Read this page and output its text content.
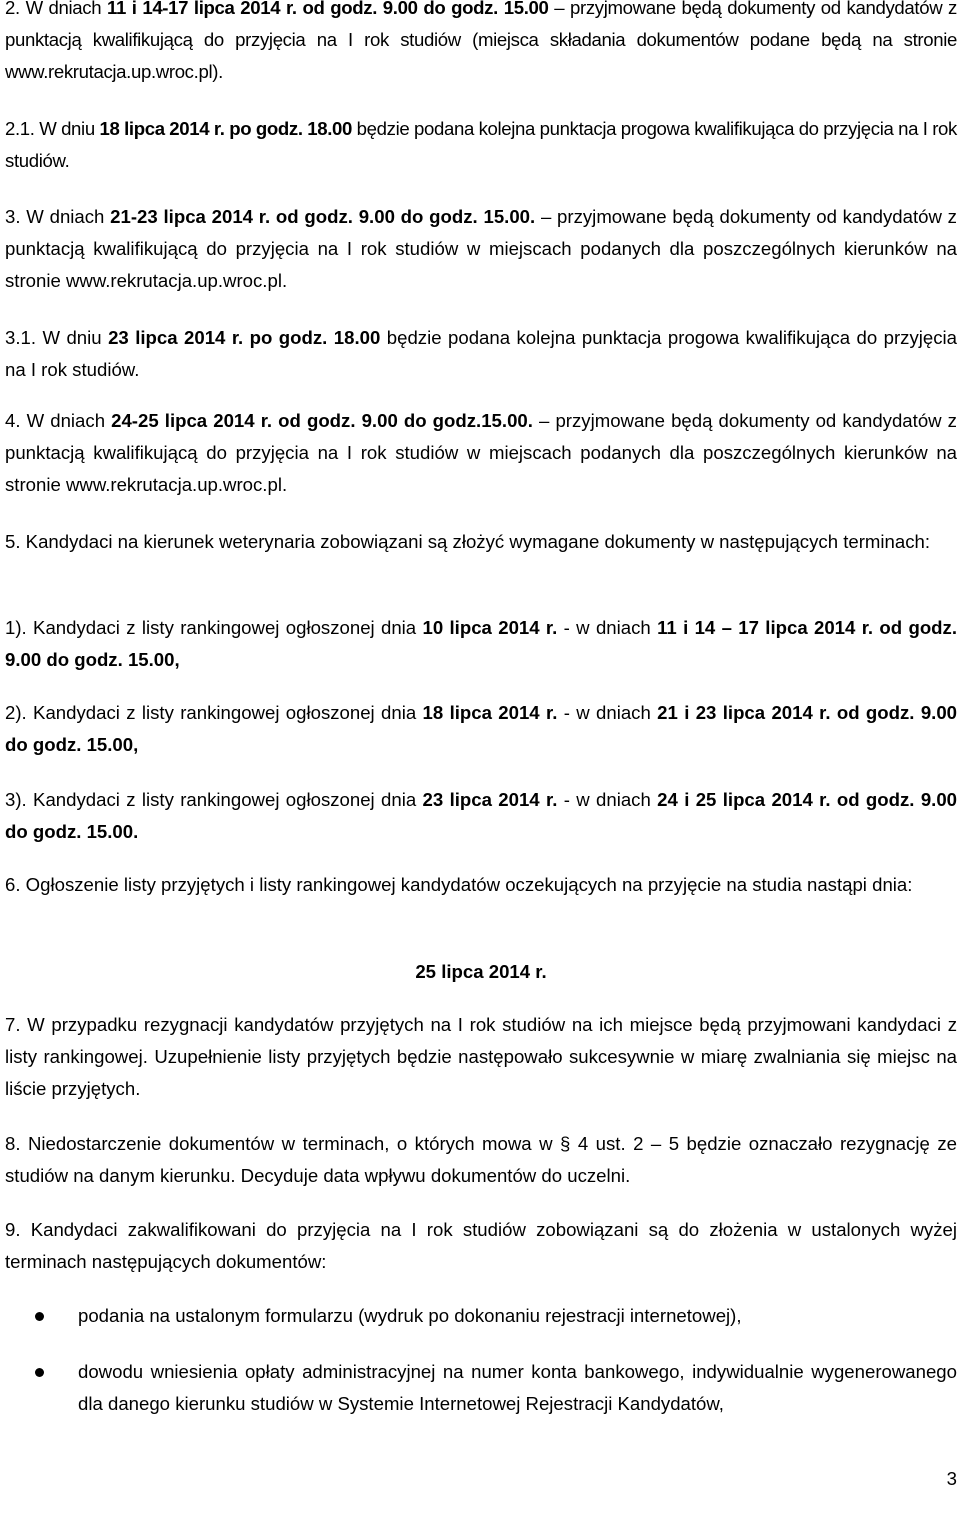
2. W dniach 11 i 14-17 lipca 2014 r. od godz. 9.00 do godz. 15.00 – przyjmowane będą dokumenty od kandydatów z punktacją kwalifikującą do przyjęcia na I rok studiów (miejsca składania dokumentów podane będą na stronie www.rekrutacja.up.wroc.pl).

2.1. W dniu 18 lipca 2014 r. po godz. 18.00 będzie podana kolejna punktacja progowa kwalifikująca do przyjęcia na I rok studiów.

3. W dniach 21-23 lipca 2014 r. od godz. 9.00 do godz. 15.00. – przyjmowane będą dokumenty od kandydatów z punktacją kwalifikującą do przyjęcia na I rok studiów w miejscach podanych dla poszczególnych kierunków na stronie www.rekrutacja.up.wroc.pl.

3.1. W dniu 23 lipca 2014 r. po godz. 18.00 będzie podana kolejna punktacja progowa kwalifikująca do przyjęcia na I rok studiów.

4. W dniach 24-25 lipca 2014 r. od godz. 9.00 do godz.15.00. – przyjmowane będą dokumenty od kandydatów z punktacją kwalifikującą do przyjęcia na I rok studiów w miejscach podanych dla poszczególnych kierunków na stronie www.rekrutacja.up.wroc.pl.

5. Kandydaci na kierunek weterynaria zobowiązani są złożyć wymagane dokumenty w następujących terminach:

1). Kandydaci z listy rankingowej ogłoszonej dnia 10 lipca 2014 r. - w dniach 11 i 14 – 17 lipca 2014 r. od godz. 9.00 do godz. 15.00,

2). Kandydaci z listy rankingowej ogłoszonej dnia 18 lipca 2014 r. - w dniach 21 i 23 lipca 2014 r. od godz. 9.00 do godz. 15.00,

3). Kandydaci z listy rankingowej ogłoszonej dnia 23 lipca 2014 r. - w dniach 24 i 25 lipca 2014 r. od godz. 9.00 do godz. 15.00.

6. Ogłoszenie listy przyjętych i listy rankingowej kandydatów oczekujących na przyjęcie na studia nastąpi dnia:

25 lipca 2014 r.

7. W przypadku rezygnacji kandydatów przyjętych na I rok studiów na ich miejsce będą przyjmowani kandydaci z listy rankingowej. Uzupełnienie listy przyjętych będzie następowało sukcesywnie w miarę zwalniania się miejsc na liście przyjętych.

8. Niedostarczenie dokumentów w terminach, o których mowa w § 4 ust. 2 – 5 będzie oznaczało rezygnację ze studiów na danym kierunku. Decyduje data wpływu dokumentów do uczelni.

9. Kandydaci zakwalifikowani do przyjęcia na I rok studiów zobowiązani są do złożenia w ustalonych wyżej terminach następujących dokumentów:

podania na ustalonym formularzu (wydruk po dokonaniu rejestracji internetowej),
dowodu wniesienia opłaty administracyjnej na numer konta bankowego, indywidualnie wygenerowanego dla danego kierunku studiów w Systemie Internetowej Rejestracji Kandydatów,
3
